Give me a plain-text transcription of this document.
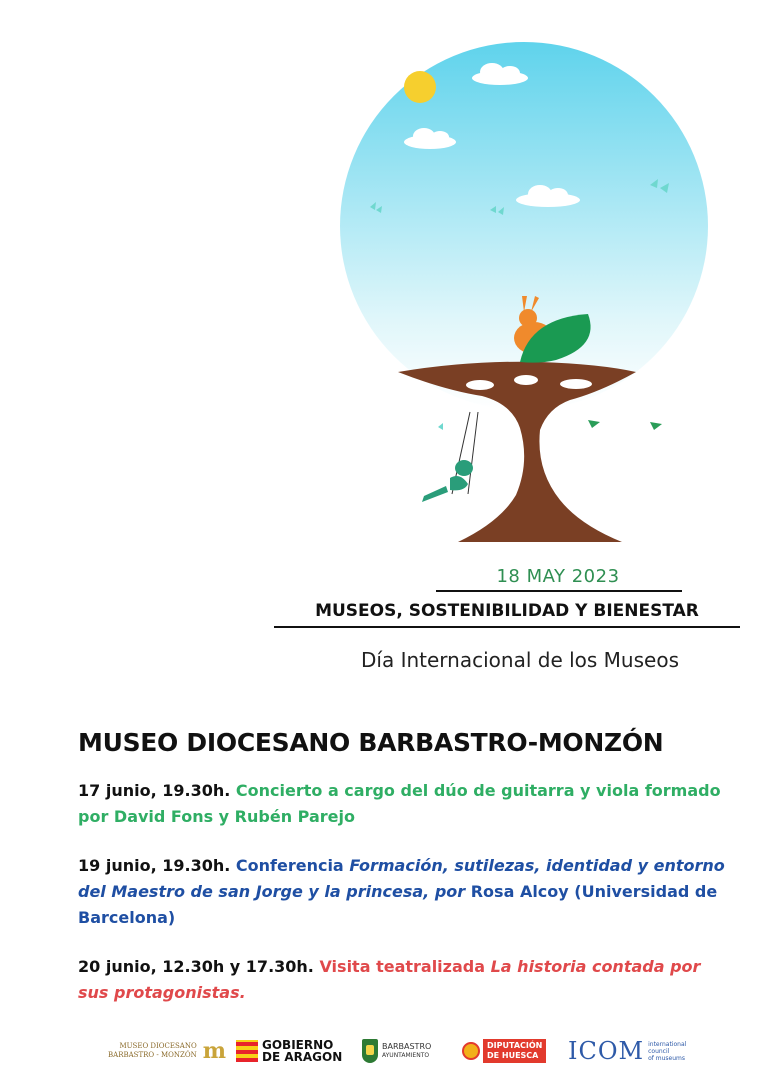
18 MAY 2023
MUSEOS, SOSTENIBILIDAD Y BIENESTAR
Día Internacional de los Museos
MUSEO DIOCESANO BARBASTRO-MONZÓN
17 junio, 19.30h. Concierto a cargo del dúo de guitarra y viola formado por David Fons y Rubén Parejo
19 junio, 19.30h. Conferencia Formación, sutilezas, identidad y entorno del Maestro de san Jorge y la princesa, por Rosa Alcoy (Universidad de Barcelona)
20 junio, 12.30h y 17.30h. Visita teatralizada La historia contada por sus protagonistas.
MUSEO DIOCESANO
BARBASTRO - MONZÓN m	GOBIERNO
DE ARAGON
BARBASTRO
AYUNTAMIENTO
DIPUTACIÓN
DE HUESCA ICOM international
council
of museums
